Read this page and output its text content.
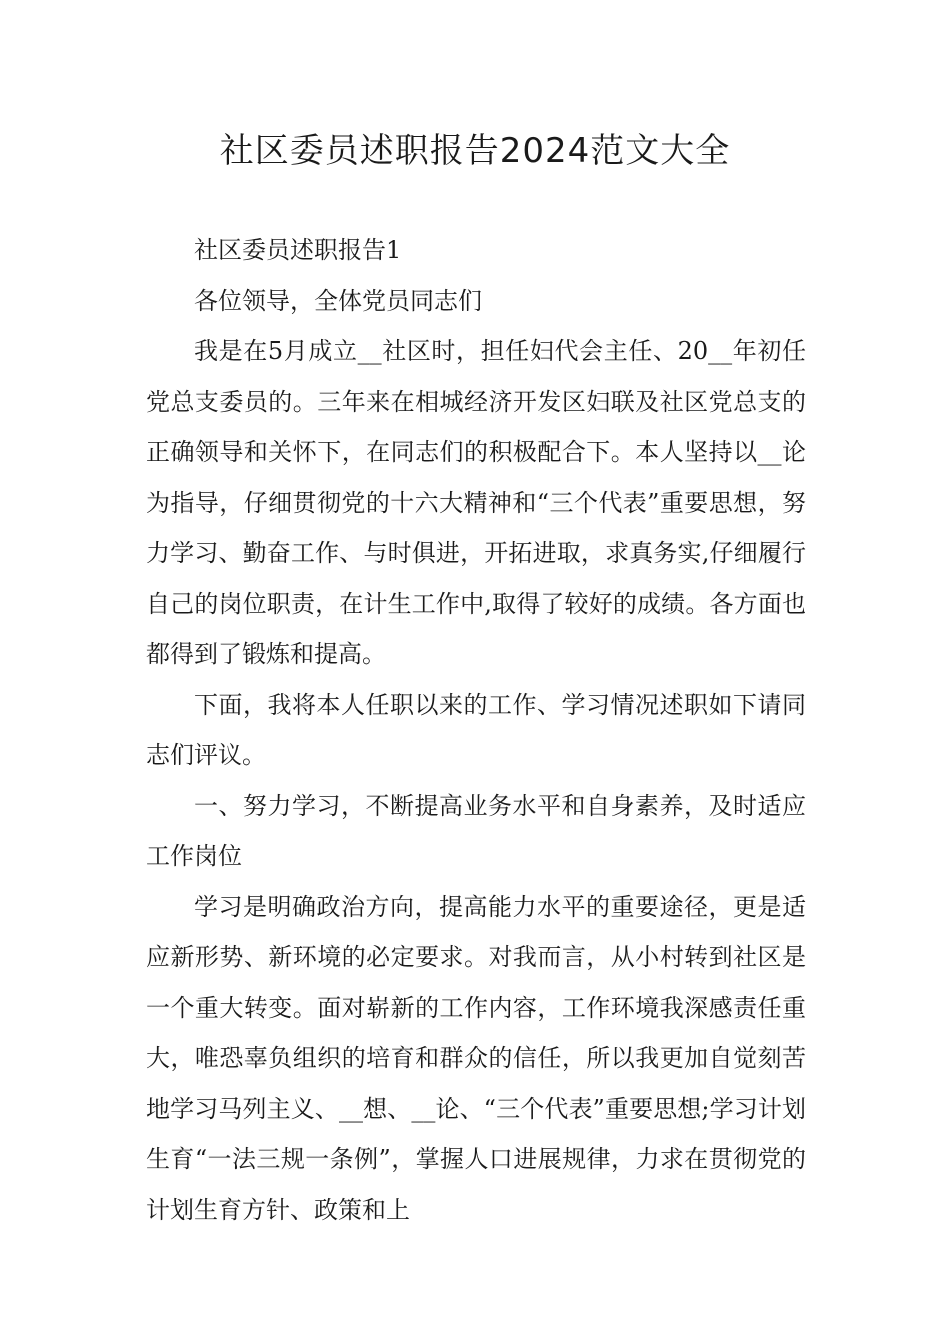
社区委员述职报告2024范文大全

社区委员述职报告1

各位领导，全体党员同志们

我是在5月成立__社区时，担任妇代会主任、20__年初任党总支委员的。三年来在相城经济开发区妇联及社区党总支的正确领导和关怀下，在同志们的积极配合下。本人坚持以__论为指导，仔细贯彻党的十六大精神和“三个代表”重要思想，努力学习、勤奋工作、与时俱进，开拓进取，求真务实,仔细履行自己的岗位职责，在计生工作中,取得了较好的成绩。各方面也都得到了锻炼和提高。

下面，我将本人任职以来的工作、学习情况述职如下请同志们评议。

一、努力学习，不断提高业务水平和自身素养，及时适应工作岗位

学习是明确政治方向，提高能力水平的重要途径，更是适应新形势、新环境的必定要求。对我而言，从小村转到社区是一个重大转变。面对崭新的工作内容，工作环境我深感责任重大，唯恐辜负组织的培育和群众的信任，所以我更加自觉刻苦地学习马列主义、__想、__论、“三个代表”重要思想;学习计划生育“一法三规一条例”，掌握人口进展规律，力求在贯彻党的计划生育方针、政策和上
